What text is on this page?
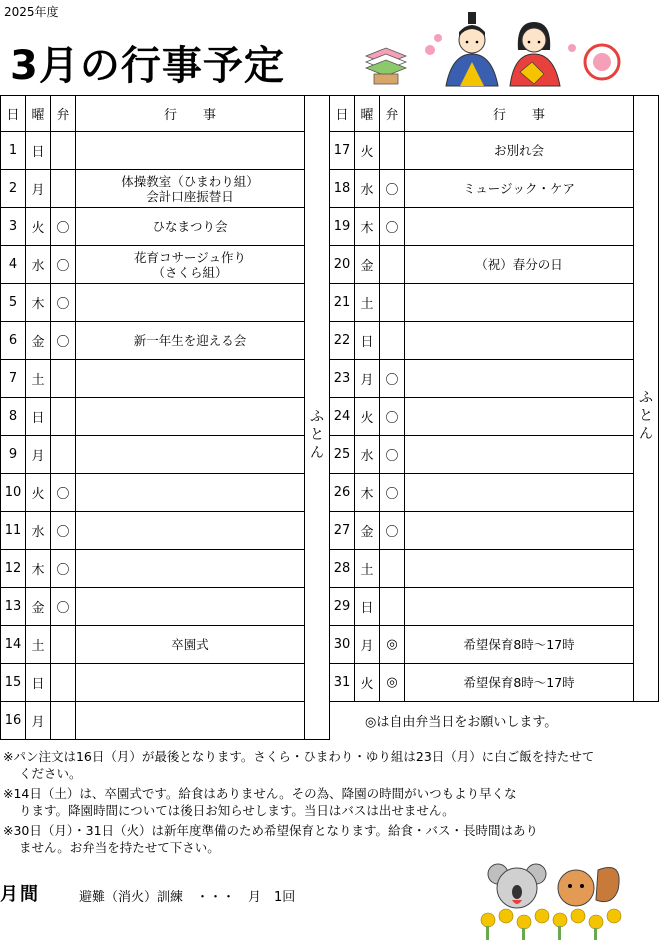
2025年度
3月の行事予定
日	曜	弁	行　　事	
1	日			ふ
と
ん
2	月		体操教室（ひまわり組）
会計口座振替日	
3	火	〇	ひなまつり会	
4	水	〇	花育コサージュ作り
（さくら組）	
5	木	〇		
6	金	〇	新一年生を迎える会	
7	土			
8	日			
9	月			
10	火	〇		
11	水	〇		
12	木	〇		
13	金	〇		
14	土		卒園式	
15	日			
16	月			
日	曜	弁	行　　事	
17	火		お別れ会	ふ
と
ん
18	水	〇	ミュージック・ケア	
19	木	〇		
20	金		（祝）春分の日	
21	土			
22	日			
23	月	〇		
24	火	〇		
25	水	〇		
26	木	〇		
27	金	〇		
28	土			
29	日			
30	月	◎	希望保育8時～17時	
31	火	◎	希望保育8時～17時	
◎は自由弁当日をお願いします。

※パン注文は16日（月）が最後となります。さくら・ひまわり・ゆり組は23日（月）に白ご飯を持たせて
ください。

※14日（土）は、卒園式です。給食はありません。その為、降園の時間がいつもより早くな
ります。降園時間については後日お知らせします。当日はバスは出せません。

※30日（月）・31日（火）は新年度準備のため希望保育となります。給食・バス・長時間はあり
ません。お弁当を持たせて下さい。

月間	避難（消火）訓練　・・・　月　1回
